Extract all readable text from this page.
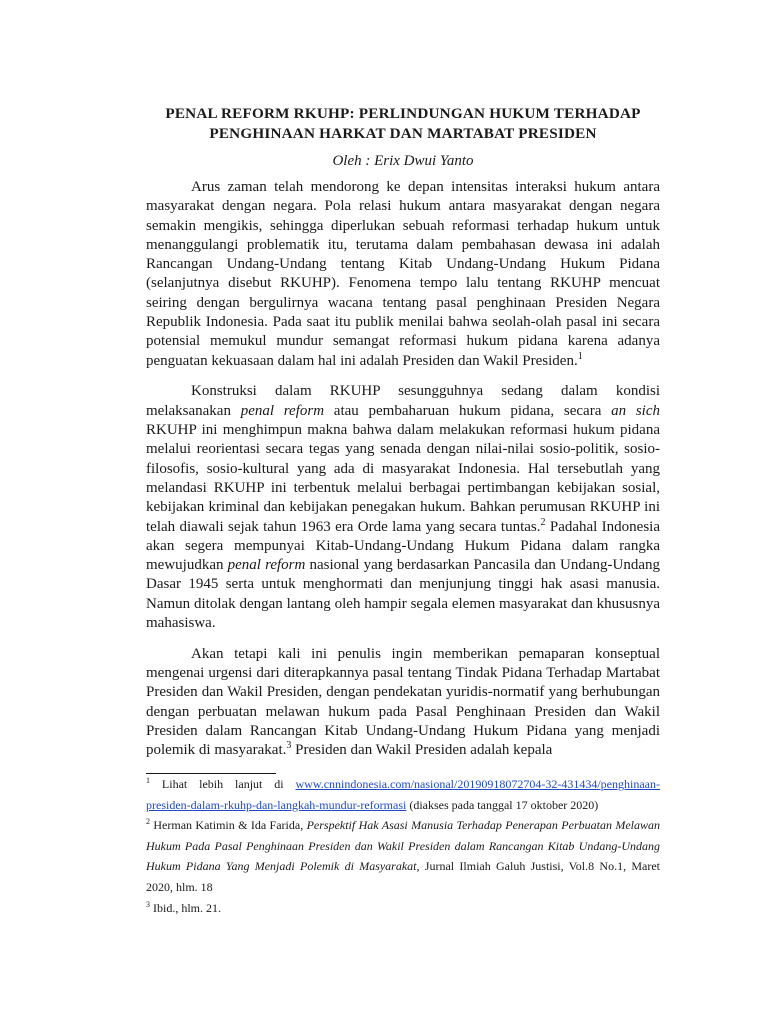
PENAL REFORM RKUHP: PERLINDUNGAN HUKUM TERHADAP
PENGHINAAN HARKAT DAN MARTABAT PRESIDEN

Oleh : Erix Dwui Yanto

Arus zaman telah mendorong ke depan intensitas interaksi hukum antara masyarakat dengan negara. Pola relasi hukum antara masyarakat dengan negara semakin mengikis, sehingga diperlukan sebuah reformasi terhadap hukum untuk menanggulangi problematik itu, terutama dalam pembahasan dewasa ini adalah Rancangan Undang-Undang tentang Kitab Undang-Undang Hukum Pidana (selanjutnya disebut RKUHP). Fenomena tempo lalu tentang RKUHP mencuat seiring dengan bergulirnya wacana tentang pasal penghinaan Presiden Negara Republik Indonesia. Pada saat itu publik menilai bahwa seolah-olah pasal ini secara potensial memukul mundur semangat reformasi hukum pidana karena adanya penguatan kekuasaan dalam hal ini adalah Presiden dan Wakil Presiden.$^1$

Konstruksi dalam RKUHP sesungguhnya sedang dalam kondisi melaksanakan penal reform atau pembaharuan hukum pidana, secara an sich RKUHP ini menghimpun makna bahwa dalam melakukan reformasi hukum pidana melalui reorientasi secara tegas yang senada dengan nilai-nilai sosio-politik, sosio-filosofis, sosio-kultural yang ada di masyarakat Indonesia. Hal tersebutlah yang melandasi RKUHP ini terbentuk melalui berbagai pertimbangan kebijakan sosial, kebijakan kriminal dan kebijakan penegakan hukum. Bahkan perumusan RKUHP ini telah diawali sejak tahun 1963 era Orde lama yang secara tuntas.$^2$ Padahal Indonesia akan segera mempunyai Kitab-Undang-Undang Hukum Pidana dalam rangka mewujudkan penal reform nasional yang berdasarkan Pancasila dan Undang-Undang Dasar 1945 serta untuk menghormati dan menjunjung tinggi hak asasi manusia. Namun ditolak dengan lantang oleh hampir segala elemen masyarakat dan khususnya mahasiswa.

Akan tetapi kali ini penulis ingin memberikan pemaparan konseptual mengenai urgensi dari diterapkannya pasal tentang Tindak Pidana Terhadap Martabat Presiden dan Wakil Presiden, dengan pendekatan yuridis-normatif yang berhubungan dengan perbuatan melawan hukum pada Pasal Penghinaan Presiden dan Wakil Presiden dalam Rancangan Kitab Undang-Undang Hukum Pidana yang menjadi polemik di masyarakat.$^3$ Presiden dan Wakil Presiden adalah kepala

$^1$ Lihat lebih lanjut di www.cnnindonesia.com/nasional/20190918072704-32-431434/penghinaan-presiden-dalam-rkuhp-dan-langkah-mundur-reformasi (diakses pada tanggal 17 oktober 2020)

$^2$ Herman Katimin & Ida Farida, Perspektif Hak Asasi Manusia Terhadap Penerapan Perbuatan Melawan Hukum Pada Pasal Penghinaan Presiden dan Wakil Presiden dalam Rancangan Kitab Undang-Undang Hukum Pidana Yang Menjadi Polemik di Masyarakat, Jurnal Ilmiah Galuh Justisi, Vol.8 No.1, Maret 2020, hlm. 18

$^3$ Ibid., hlm. 21.
